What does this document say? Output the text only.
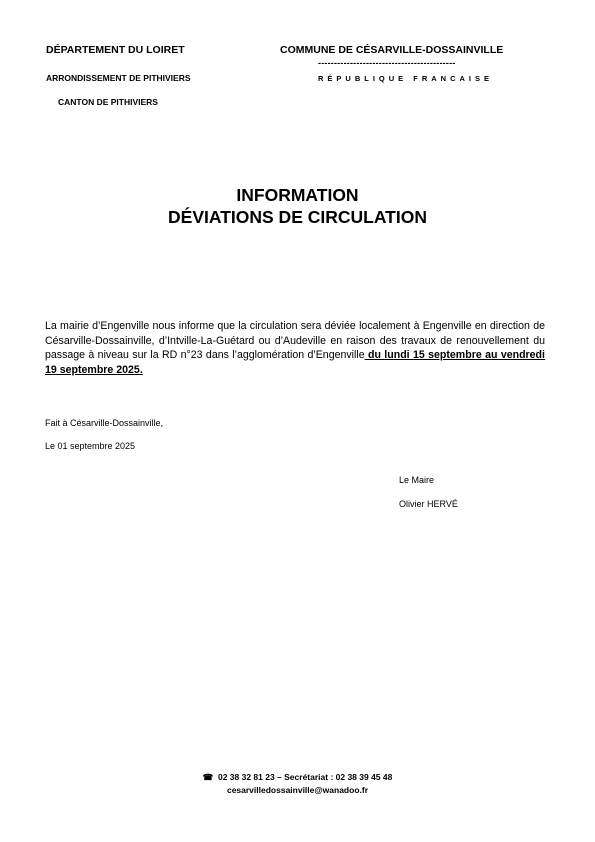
DÉPARTEMENT DU LOIRET
ARRONDISSEMENT DE PITHIVIERS
CANTON DE PITHIVIERS
COMMUNE DE CÉSARVILLE-DOSSAINVILLE
-------------------------------------------
RÉPUBLIQUE FRANCAISE
INFORMATION
DÉVIATIONS DE CIRCULATION
La mairie d’Engenville nous informe que la circulation sera déviée localement à Engenville en direction de Césarville-Dossainville, d’Intville-La-Guétard ou d’Audeville en raison des travaux de renouvellement du passage à niveau sur la RD n°23 dans l’agglomération d’Engenville du lundi 15 septembre au vendredi 19 septembre 2025.
Fait à Césarville-Dossainville,
Le 01 septembre 2025
Le Maire
Olivier HERVÉ
☎ 02 38 32 81 23 – Secrétariat : 02 38 39 45 48
cesarvilledossainville@wanadoo.fr
